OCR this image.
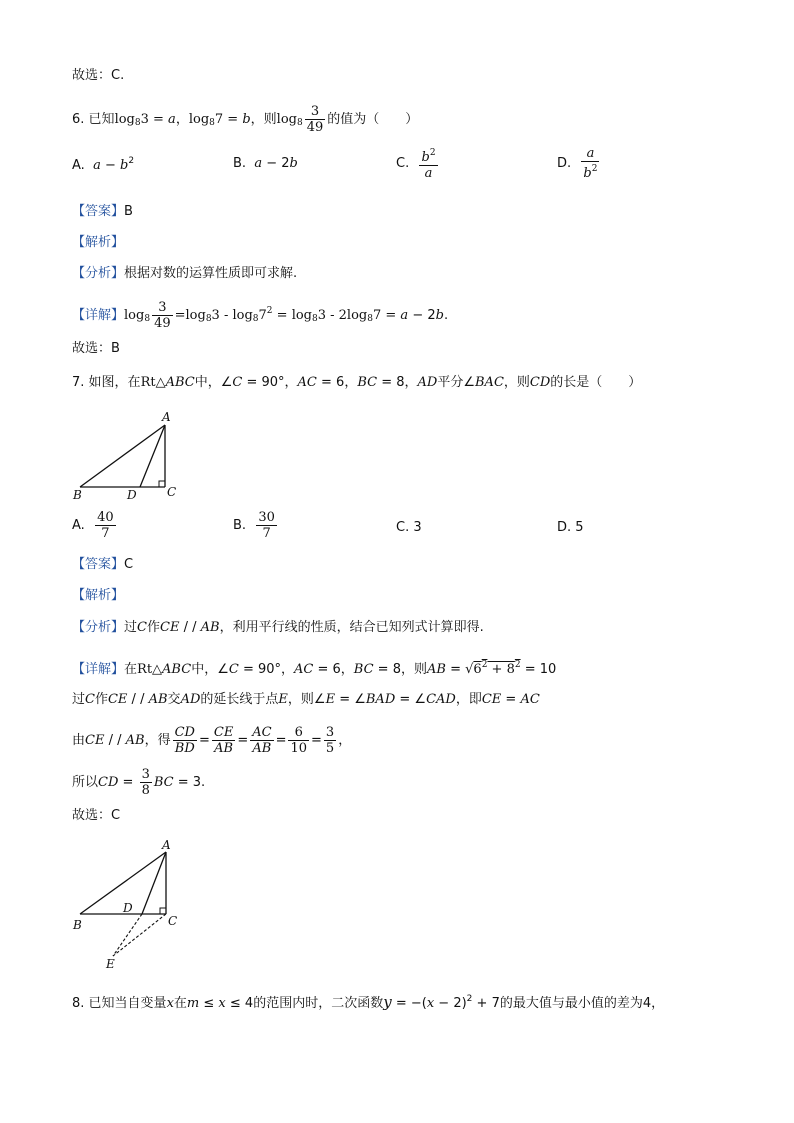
故选：C.
6. 已知$\log_83 = a$，$\log_87 = b$，则$\log_8 \frac{3}{49}$ 的值为（　　）
A. $a - b^2$	B. a − 2b	C. $\frac{b^2}{a}$	D. $\frac{a}{b^2}$
【答案】B
【解析】
【分析】根据对数的运算性质即可求解.
【详解】$\log_8 \frac{3}{49} =\log_83 - \log_87^2 = \log_83 - 2\log_87 = a - 2b$.
故选：B
7. 如图，在Rt△ABC中，∠C = 90°，AC = 6，BC = 8，AD平分∠BAC，则CD的长是（　　）
A
B	D	C
A. $\frac{40}{7}$	B. $\frac{30}{7}$	C. 3	D. 5
【答案】C
【解析】
【分析】过C作CE / / AB，利用平行线的性质，结合已知列式计算即得.
【详解】在Rt△ABC中，∠C = 90°，AC = 6，BC = 8，则AB = $√6^2 + 8^2 = 10$
过C作CE / / AB交AD的延长线于点E，则∠E = ∠BAD = ∠CAD，即CE = AC
由CE / / AB，得 $\frac{CD}{BD} = \frac{CE}{AB} = \frac{AC}{AB} = \frac{6}{10} = \frac{3}{5}$ ，
所以CD = $\frac{3}{8}$ BC = 3.
故选：C
A
B
D
C
E
8. 已知当自变量x在m ≤ x ≤ 4的范围内时，二次函数$y = -(x - 2)^2 + 7$的最大值与最小值的差为4，
